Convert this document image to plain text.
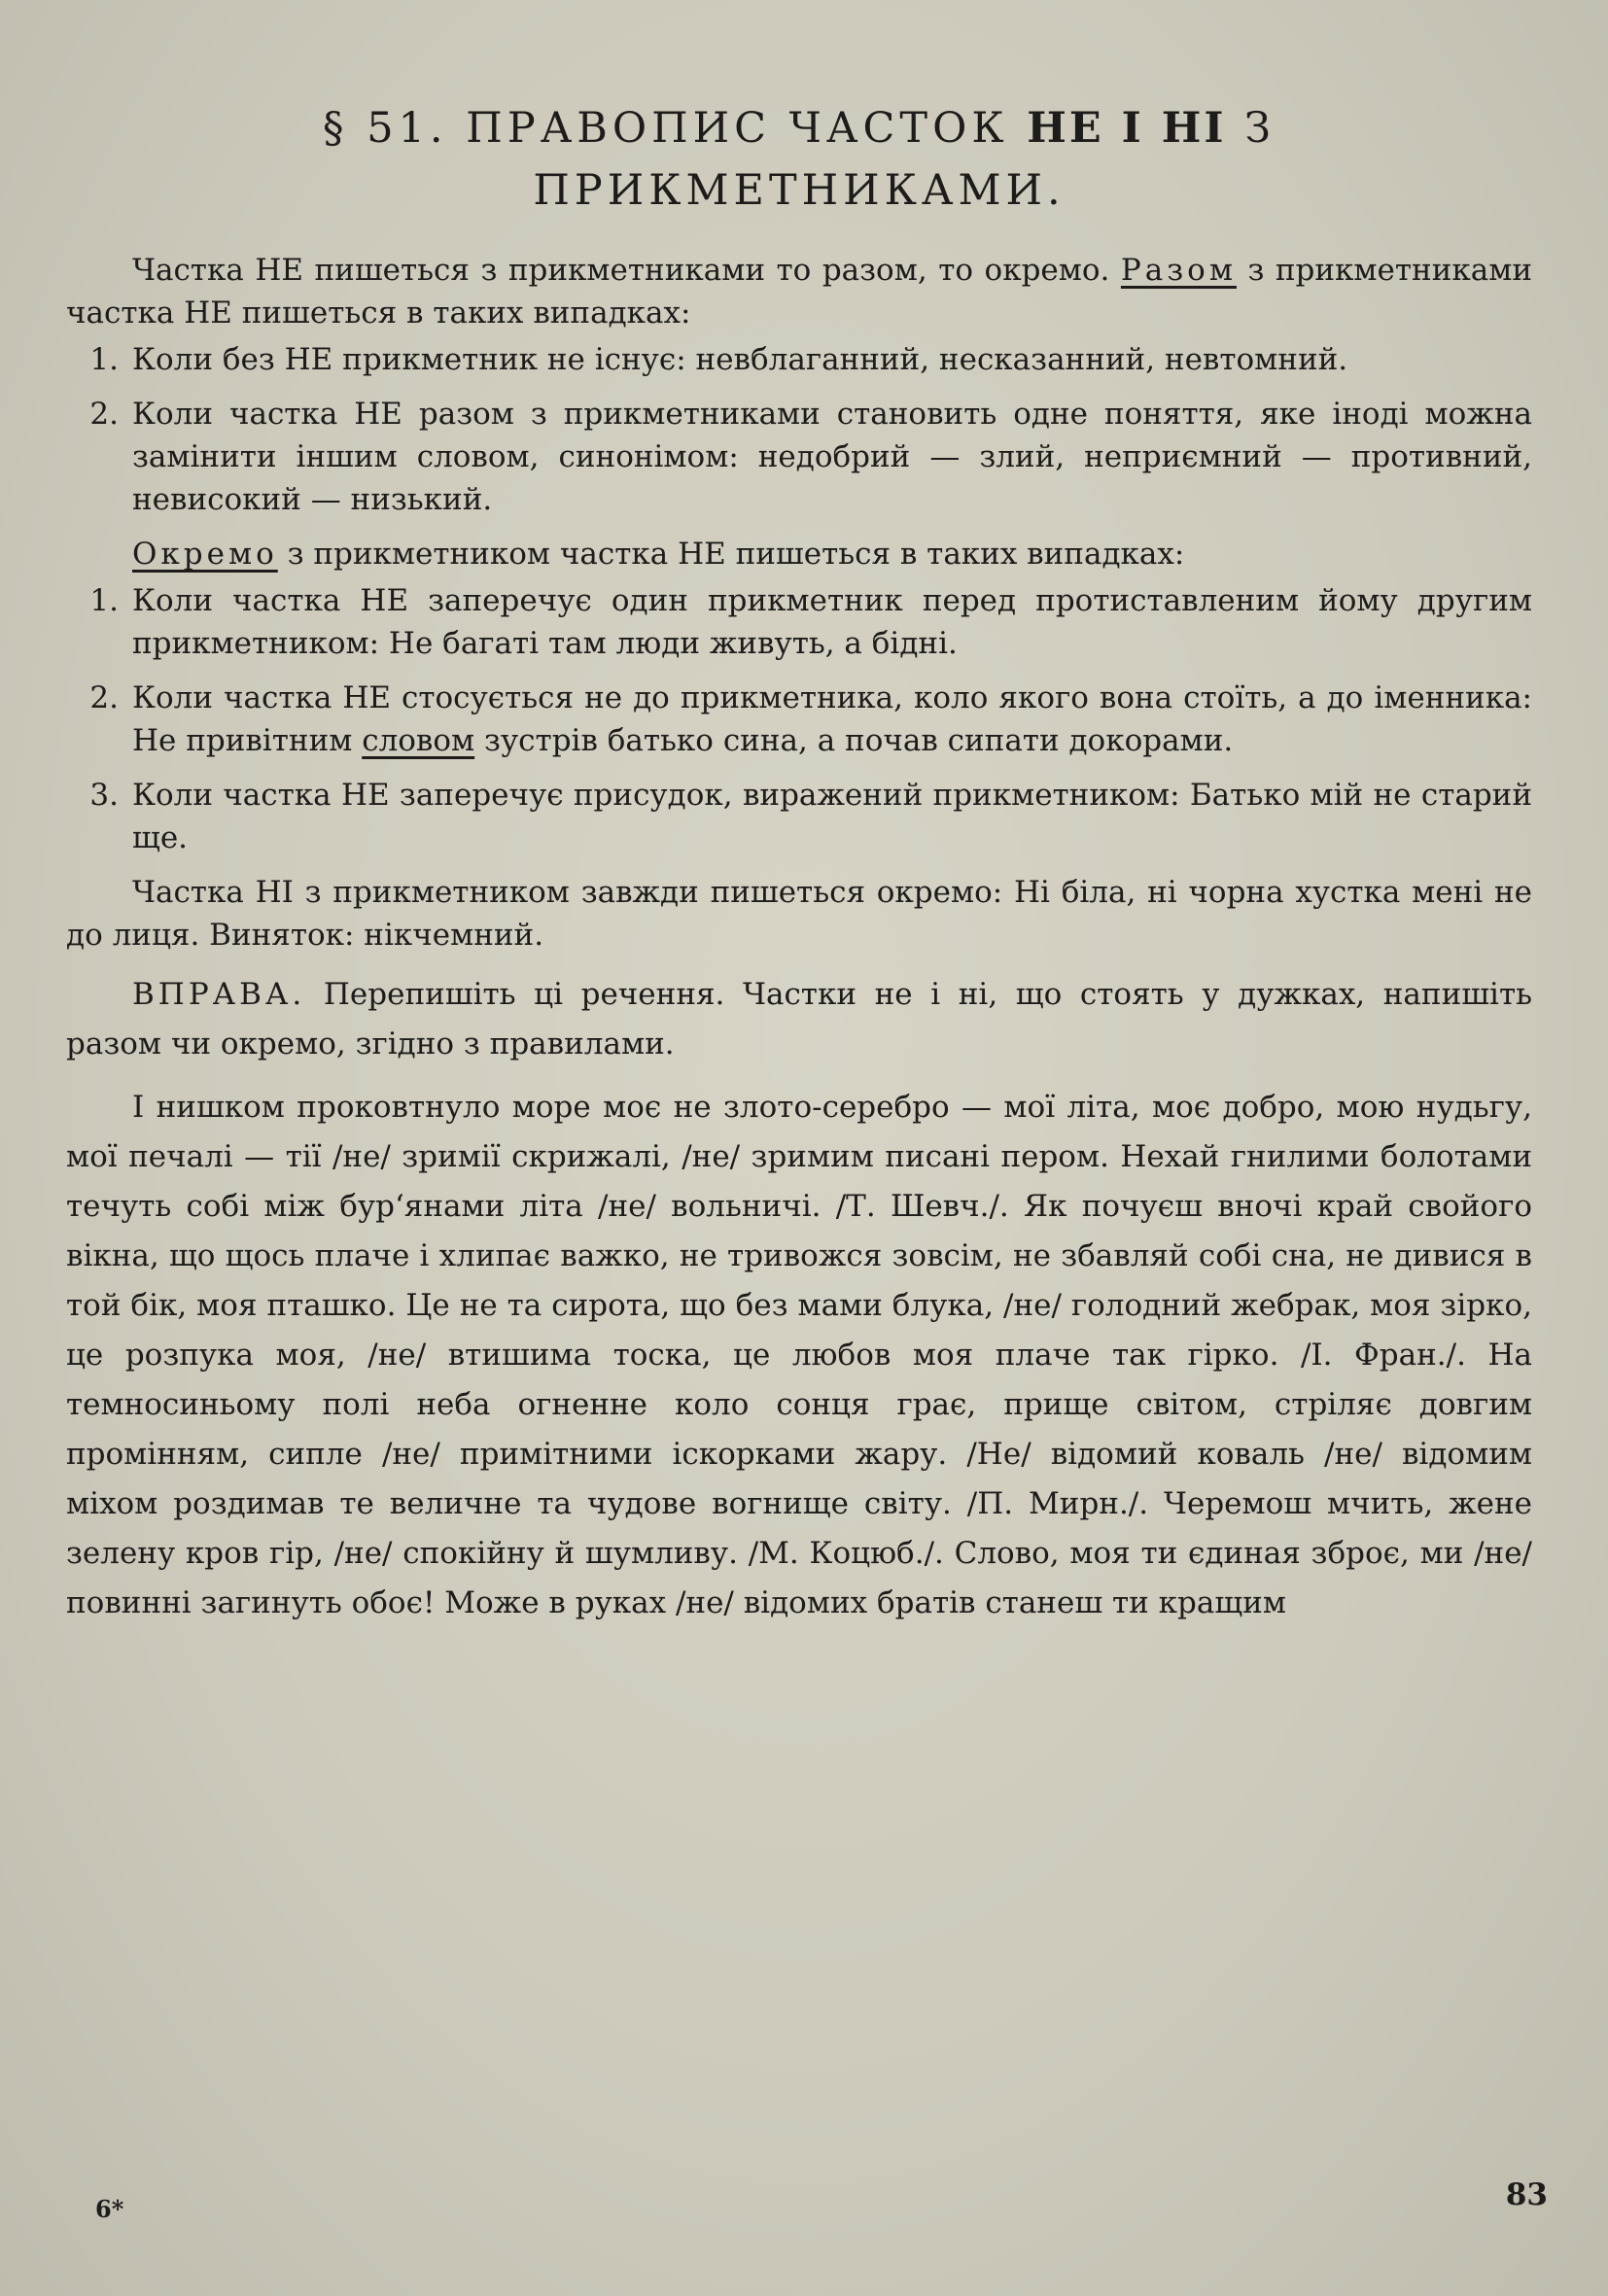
§ 51. ПРАВОПИС ЧАСТОК НЕ І НІ З
ПРИКМЕТНИКАМИ.

Частка НЕ пишеться з прикметниками то разом, то окремо. Разом з прикметниками частка НЕ пишеться в таких випадках:

1. Коли без НЕ прикметник не існує: невблаганний, несказанний, невтомний.
2. Коли частка НЕ разом з прикметниками становить одне поняття, яке іноді можна замінити іншим словом, синонімом: недобрий — злий, неприємний — противний, невисокий — низький.

Окремо з прикметником частка НЕ пишеться в таких випадках:

1. Коли частка НЕ заперечує один прикметник перед протиставленим йому другим прикметником: Не багаті там люди живуть, а бідні.
2. Коли частка НЕ стосується не до прикметника, коло якого вона стоїть, а до іменника: Не привітним словом зустрів батько сина, а почав сипати докорами.
3. Коли частка НЕ заперечує присудок, виражений прикметником: Батько мій не старий ще.

Частка НІ з прикметником завжди пишеться окремо: Ні біла, ні чорна хустка мені не до лиця. Виняток: нікчемний.

ВПРАВА. Перепишіть ці речення. Частки не і ні, що стоять у дужках, напишіть разом чи окремо, згідно з правилами.

І нишком проковтнуло море моє не злото-серебро — мої літа, моє добро, мою нудьгу, мої печалі — тії /не/ зримії скрижалі, /не/ зримим писані пером. Нехай гнилими болотами течуть собі між бур‘янами літа /не/ вольничі. /Т. Шевч./. Як почуєш вночі край свойого вікна, що щось плаче і хлипає важко, не тривожся зовсім, не збавляй собі сна, не дивися в той бік, моя пташко. Це не та сирота, що без мами блука, /не/ голодний жебрак, моя зірко, це розпука моя, /не/ втишима тоска, це любов моя плаче так гірко. /І. Фран./. На темносиньому полі неба огненне коло сонця грає, прище світом, стріляє довгим промінням, сипле /не/ примітними іскорками жару. /Не/ відомий коваль /не/ відомим міхом роздимав те величне та чудове вогнище світу. /П. Мирн./. Черемош мчить, жене зелену кров гір, /не/ спокійну й шумливу. /М. Коцюб./. Слово, моя ти єдиная зброє, ми /не/ повинні загинуть обоє! Може в руках /не/ відомих братів станеш ти кращим

6*	83
